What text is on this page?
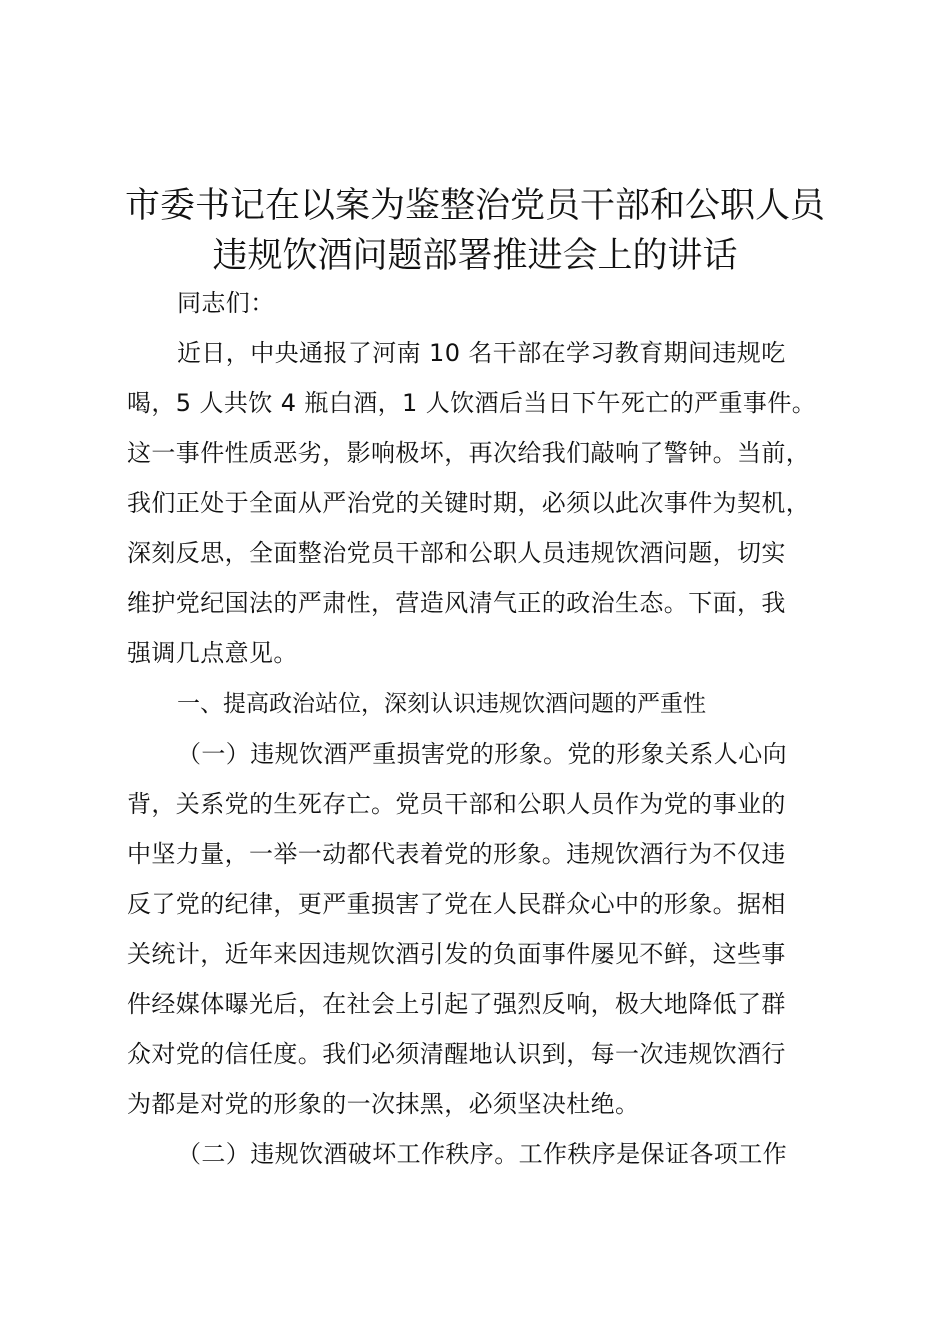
市委书记在以案为鉴整治党员干部和公职人员
违规饮酒问题部署推进会上的讲话
同志们：
近日，中央通报了河南 10 名干部在学习教育期间违规吃
喝，5 人共饮 4 瓶白酒，1 人饮酒后当日下午死亡的严重事件。
这一事件性质恶劣，影响极坏，再次给我们敲响了警钟。当前，
我们正处于全面从严治党的关键时期，必须以此次事件为契机，
深刻反思，全面整治党员干部和公职人员违规饮酒问题，切实
维护党纪国法的严肃性，营造风清气正的政治生态。下面，我
强调几点意见。
一、提高政治站位，深刻认识违规饮酒问题的严重性
（一）违规饮酒严重损害党的形象。党的形象关系人心向
背，关系党的生死存亡。党员干部和公职人员作为党的事业的
中坚力量，一举一动都代表着党的形象。违规饮酒行为不仅违
反了党的纪律，更严重损害了党在人民群众心中的形象。据相
关统计，近年来因违规饮酒引发的负面事件屡见不鲜，这些事
件经媒体曝光后，在社会上引起了强烈反响，极大地降低了群
众对党的信任度。我们必须清醒地认识到，每一次违规饮酒行
为都是对党的形象的一次抹黑，必须坚决杜绝。
（二）违规饮酒破坏工作秩序。工作秩序是保证各项工作
